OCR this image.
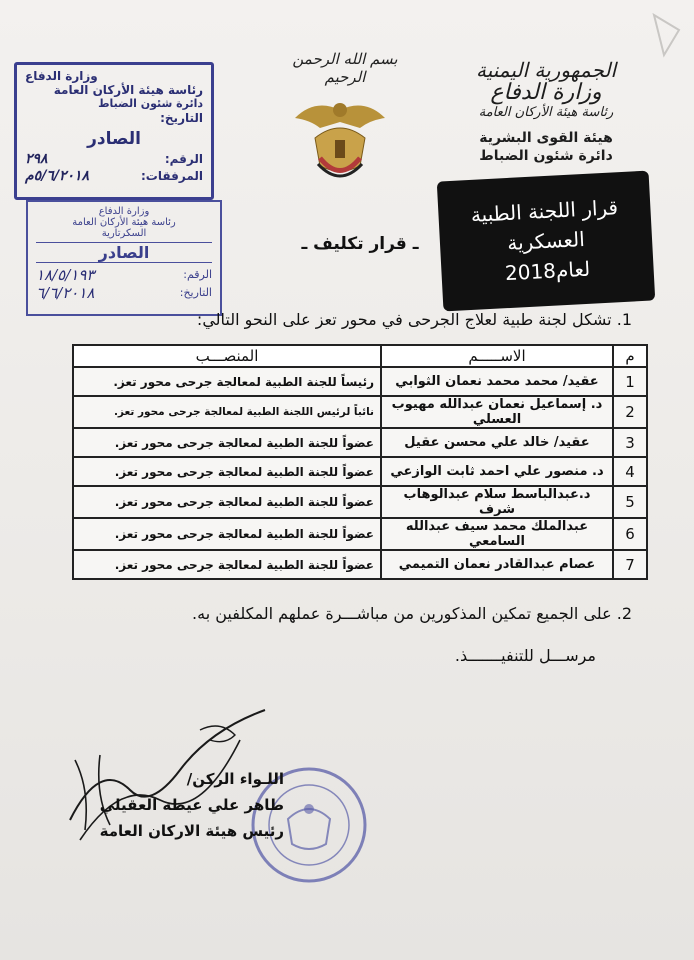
بسم الله الرحمن الرحيم	الجمهورية اليمنية
وزارة الدفاع
رئاسة هيئة الأركان العامة
هيئة القوى البشرية
دائرة شئون الضباط
وزارة الدفاع
رئاسة هيئة الأركان العامة
دائرة شئون الضباط
التاريخ:
الصادر
الرقم:
٢٩٨
المرفقات:
٥/٦/٢٠١٨م
وزارة الدفاع
رئاسة هيئة الأركان العامة
السكرتارية
الصادر
الرقم:
١٨/٥/١٩٣
التاريخ:
٦/٦/٢٠١٨
قرار اللجنة الطبية
العسكرية
لعام2018
ـ قرار تكليف ـ
1. تشكل لجنة طبية لعلاج الجرحى في محور تعز على النحو التالي:
م	الاســـــم	المنصـــب
1	عقيد/ محمد محمد نعمان الثوابي	رئيساً للجنة الطبية لمعالجة جرحى محور تعز.
2	د. إسماعيل نعمان عبدالله مهيوب العسلي	نائباً لرئيس اللجنة الطبية لمعالجة جرحى محور تعز.
3	عقيد/ خالد علي محسن عقيل	عضواً للجنة الطبية لمعالجة جرحى محور تعز.
4	د. منصور علي احمد ثابت الوازعي	عضواً للجنة الطبية لمعالجة جرحى محور تعز.
5	د.عبدالباسط سلام عبدالوهاب شرف	عضواً للجنة الطبية لمعالجة جرحى محور تعز.
6	عبدالملك محمد سيف عبدالله السامعي	عضواً للجنة الطبية لمعالجة جرحى محور تعز.
7	عصام عبدالقادر نعمان التميمي	عضواً للجنة الطبية لمعالجة جرحى محور تعز.
2. على الجميع تمكين المذكورين من مباشـــرة عملهم المكلفين به.
مرســـل للتنفيـــــــذ.
اللـواء الركن/
طاهر علي عيظه العقيلي
رئيس هيئة الاركان العامة
